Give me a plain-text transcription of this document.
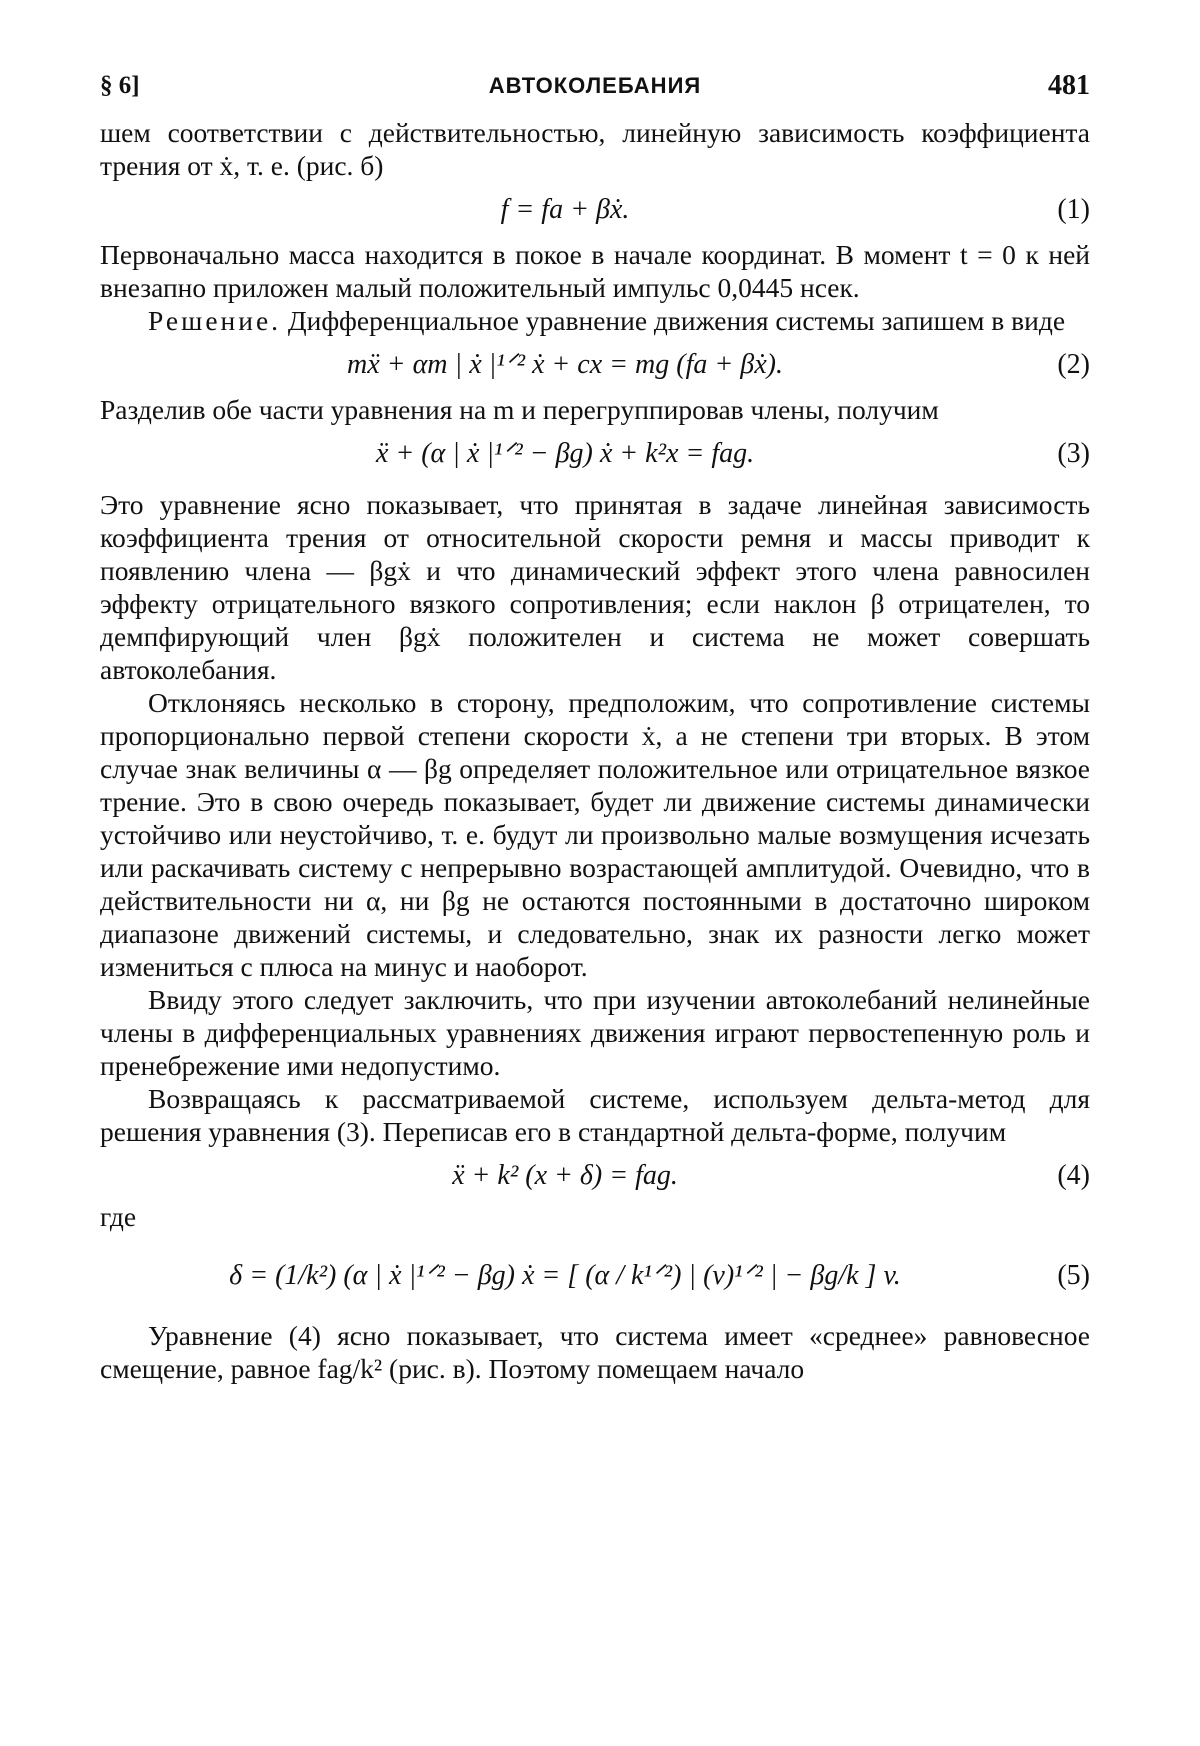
§ 6]	АВТОКОЛЕБАНИЯ	481

шем соответствии с действительностью, линейную зависимость коэффициента трения от ẋ, т. е. (рис. б)

f = fa + βẋ.	(1)

Первоначально масса находится в покое в начале координат. В момент t = 0 к ней внезапно приложен малый положительный импульс 0,0445 нсек.

Решение. Дифференциальное уравнение движения системы запишем в виде

mẍ + αm | ẋ |¹ᐟ² ẋ + cx = mg (fa + βẋ).	(2)

Разделив обе части уравнения на m и перегруппировав члены, получим

ẍ + (α | ẋ |¹ᐟ² − βg) ẋ + k²x = fag.	(3)

Это уравнение ясно показывает, что принятая в задаче линейная зависимость коэффициента трения от относительной скорости ремня и массы приводит к появлению члена — βgẋ и что динамический эффект этого члена равносилен эффекту отрицательного вязкого сопротивления; если наклон β отрицателен, то демпфирующий член βgẋ положителен и система не может совершать автоколебания.

Отклоняясь несколько в сторону, предположим, что сопротивление системы пропорционально первой степени скорости ẋ, а не степени три вторых. В этом случае знак величины α — βg определяет положительное или отрицательное вязкое трение. Это в свою очередь показывает, будет ли движение системы динамически устойчиво или неустойчиво, т. е. будут ли произвольно малые возмущения исчезать или раскачивать систему с непрерывно возрастающей амплитудой. Очевидно, что в действительности ни α, ни βg не остаются постоянными в достаточно широком диапазоне движений системы, и следовательно, знак их разности легко может измениться с плюса на минус и наоборот.

Ввиду этого следует заключить, что при изучении автоколебаний нелинейные члены в дифференциальных уравнениях движения играют первостепенную роль и пренебрежение ими недопустимо.

Возвращаясь к рассматриваемой системе, используем дельта-метод для решения уравнения (3). Переписав его в стандартной дельта-форме, получим

ẍ + k² (x + δ) = fag.	(4)

где

δ = (1/k²) (α | ẋ |¹ᐟ² − βg) ẋ = [ (α / k¹ᐟ²) | (v)¹ᐟ² | − βg/k ] v.	(5)

Уравнение (4) ясно показывает, что система имеет «среднее» равновесное смещение, равное fag/k² (рис. в). Поэтому помещаем начало
